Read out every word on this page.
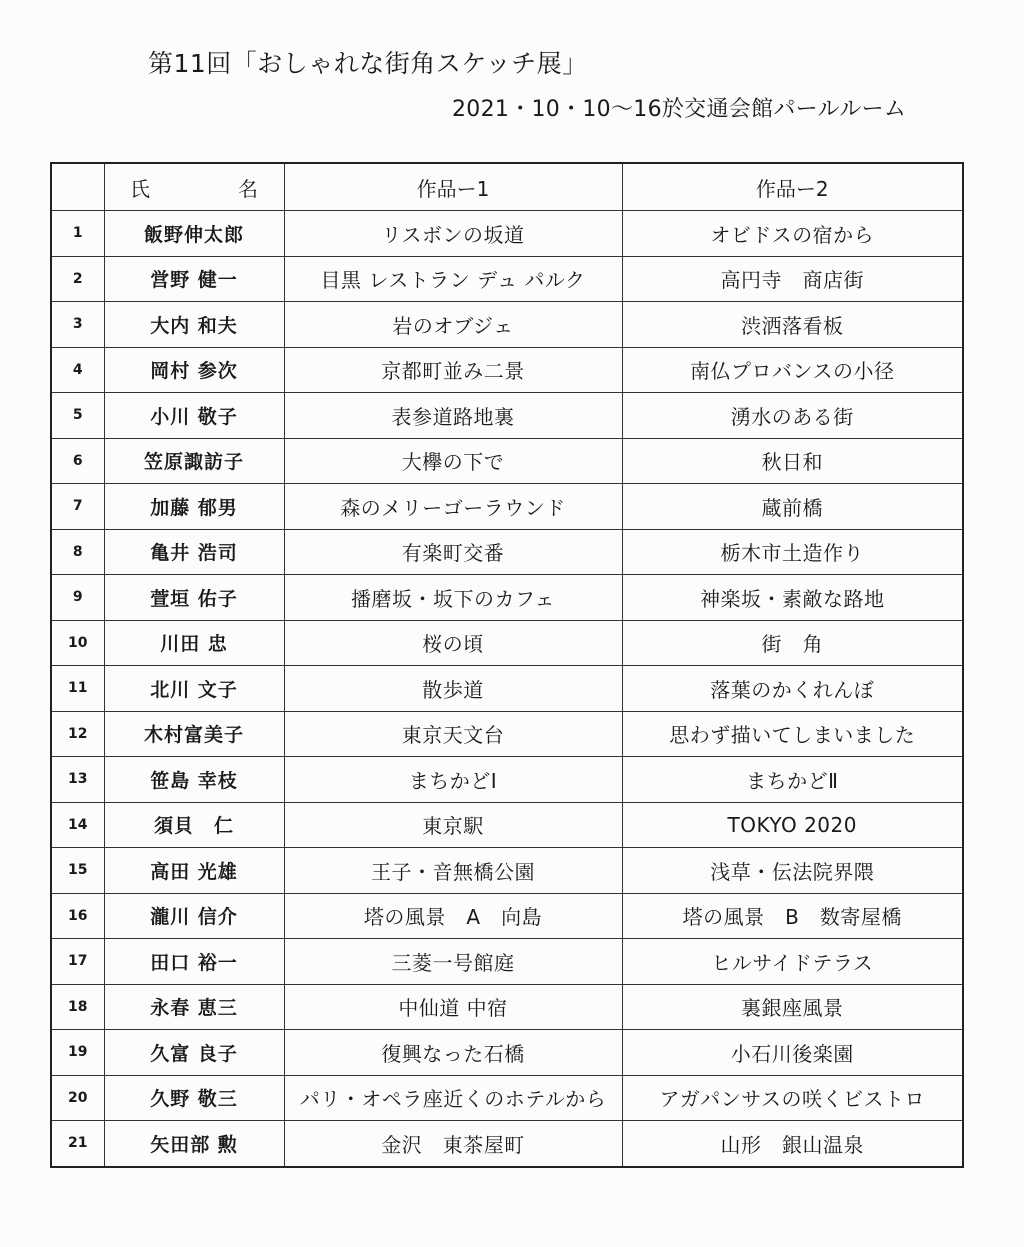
第11回「おしゃれな街角スケッチ展」
2021・10・10〜16於交通会館パールルーム
	氏 名	作品ー1	作品ー2
1	飯野伸太郎	リスボンの坂道	オビドスの宿から
2	営野 健一	目黒 レストラン デュ パルク	高円寺　商店街
3	大内 和夫	岩のオブジェ	渋洒落看板
4	岡村 参次	京都町並み二景	南仏プロバンスの小径
5	小川 敬子	表参道路地裏	湧水のある街
6	笠原諏訪子	大欅の下で	秋日和
7	加藤 郁男	森のメリーゴーラウンド	蔵前橋
8	亀井 浩司	有楽町交番	栃木市土造作り
9	萱垣 佑子	播磨坂・坂下のカフェ	神楽坂・素敵な路地
10	川田 忠	桜の頃	街　角
11	北川 文子	散歩道	落葉のかくれんぼ
12	木村富美子	東京天文台	思わず描いてしまいました
13	笹島 幸枝	まちかどⅠ	まちかどⅡ
14	須貝　仁	東京駅	TOKYO 2020
15	高田 光雄	王子・音無橋公園	浅草・伝法院界隈
16	瀧川 信介	塔の風景　A　向島	塔の風景　B　数寄屋橋
17	田口 裕一	三菱一号館庭	ヒルサイドテラス
18	永春 恵三	中仙道 中宿	裏銀座風景
19	久富 良子	復興なった石橋	小石川後楽園
20	久野 敬三	パリ・オペラ座近くのホテルから	アガパンサスの咲くビストロ
21	矢田部 勲	金沢　東茶屋町	山形　銀山温泉
